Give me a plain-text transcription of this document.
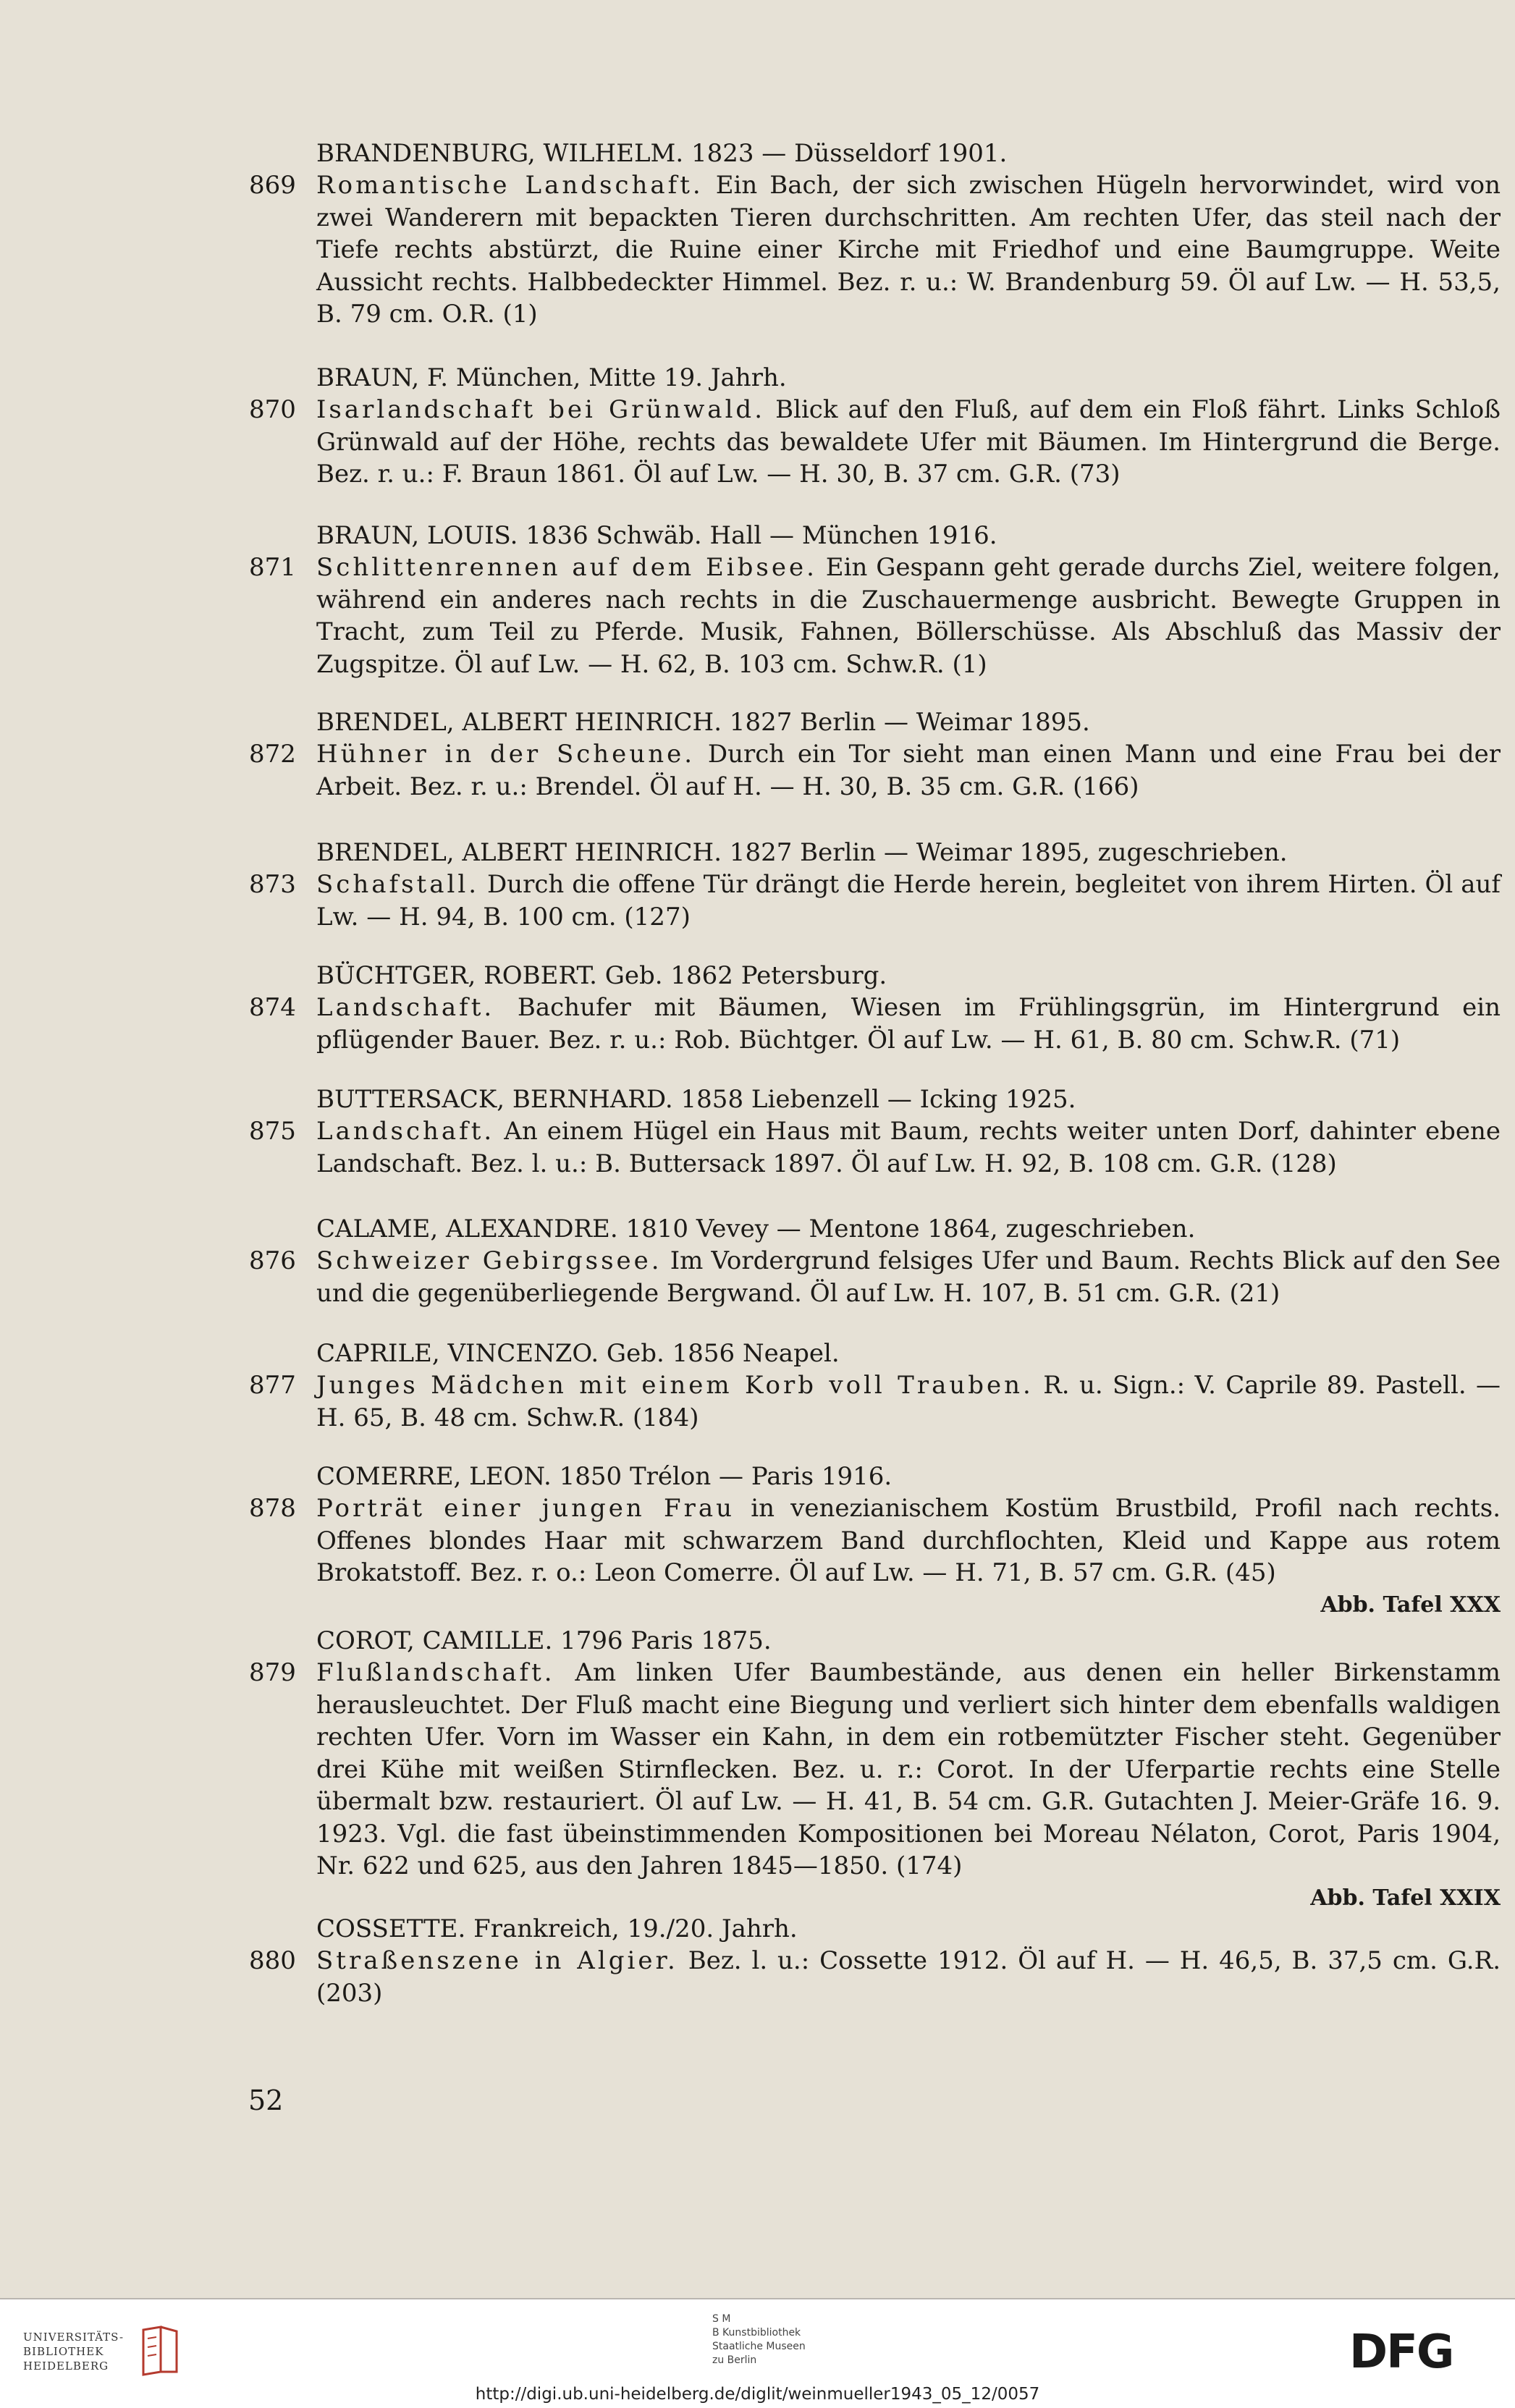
BRANDENBURG, WILHELM. 1823 — Düsseldorf 1901.
869 Romantische Landschaft. Ein Bach, der sich zwischen Hügeln hervorwindet, wird von zwei Wanderern mit bepackten Tieren durchschritten. Am rechten Ufer, das steil nach der Tiefe rechts abstürzt, die Ruine einer Kirche mit Friedhof und eine Baumgruppe. Weite Aussicht rechts. Halbbedeckter Himmel. Bez. r. u.: W. Brandenburg 59. Öl auf Lw. — H. 53,5, B. 79 cm. O.R. (1)
BRAUN, F. München, Mitte 19. Jahrh.
870 Isarlandschaft bei Grünwald. Blick auf den Fluß, auf dem ein Floß fährt. Links Schloß Grünwald auf der Höhe, rechts das bewaldete Ufer mit Bäumen. Im Hintergrund die Berge. Bez. r. u.: F. Braun 1861. Öl auf Lw. — H. 30, B. 37 cm. G.R. (73)
BRAUN, LOUIS. 1836 Schwäb. Hall — München 1916.
871 Schlittenrennen auf dem Eibsee. Ein Gespann geht gerade durchs Ziel, weitere folgen, während ein anderes nach rechts in die Zuschauermenge ausbricht. Bewegte Gruppen in Tracht, zum Teil zu Pferde. Musik, Fahnen, Böllerschüsse. Als Abschluß das Massiv der Zugspitze. Öl auf Lw. — H. 62, B. 103 cm. Schw.R. (1)
BRENDEL, ALBERT HEINRICH. 1827 Berlin — Weimar 1895.
872 Hühner in der Scheune. Durch ein Tor sieht man einen Mann und eine Frau bei der Arbeit. Bez. r. u.: Brendel. Öl auf H. — H. 30, B. 35 cm. G.R. (166)
BRENDEL, ALBERT HEINRICH. 1827 Berlin — Weimar 1895, zugeschrieben.
873 Schafstall. Durch die offene Tür drängt die Herde herein, begleitet von ihrem Hirten. Öl auf Lw. — H. 94, B. 100 cm. (127)
BÜCHTGER, ROBERT. Geb. 1862 Petersburg.
874 Landschaft. Bachufer mit Bäumen, Wiesen im Frühlingsgrün, im Hintergrund ein pflügender Bauer. Bez. r. u.: Rob. Büchtger. Öl auf Lw. — H. 61, B. 80 cm. Schw.R. (71)
BUTTERSACK, BERNHARD. 1858 Liebenzell — Icking 1925.
875 Landschaft. An einem Hügel ein Haus mit Baum, rechts weiter unten Dorf, dahinter ebene Landschaft. Bez. l. u.: B. Buttersack 1897. Öl auf Lw. H. 92, B. 108 cm. G.R. (128)
CALAME, ALEXANDRE. 1810 Vevey — Mentone 1864, zugeschrieben.
876 Schweizer Gebirgssee. Im Vordergrund felsiges Ufer und Baum. Rechts Blick auf den See und die gegenüberliegende Bergwand. Öl auf Lw. H. 107, B. 51 cm. G.R. (21)
CAPRILE, VINCENZO. Geb. 1856 Neapel.
877 Junges Mädchen mit einem Korb voll Trauben. R. u. Sign.: V. Caprile 89. Pastell. — H. 65, B. 48 cm. Schw.R. (184)
COMERRE, LEON. 1850 Trélon — Paris 1916.
878 Porträt einer jungen Frau in venezianischem Kostüm Brustbild, Profil nach rechts. Offenes blondes Haar mit schwarzem Band durchflochten, Kleid und Kappe aus rotem Brokatstoff. Bez. r. o.: Leon Comerre. Öl auf Lw. — H. 71, B. 57 cm. G.R. (45)
Abb. Tafel XXX
COROT, CAMILLE. 1796 Paris 1875.
879 Flußlandschaft. Am linken Ufer Baumbestände, aus denen ein heller Birkenstamm herausleuchtet. Der Fluß macht eine Biegung und verliert sich hinter dem ebenfalls waldigen rechten Ufer. Vorn im Wasser ein Kahn, in dem ein rotbemützter Fischer steht. Gegenüber drei Kühe mit weißen Stirnflecken. Bez. u. r.: Corot. In der Uferpartie rechts eine Stelle übermalt bzw. restauriert. Öl auf Lw. — H. 41, B. 54 cm. G.R. Gutachten J. Meier-Gräfe 16. 9. 1923. Vgl. die fast übeinstimmenden Kompositionen bei Moreau Nélaton, Corot, Paris 1904, Nr. 622 und 625, aus den Jahren 1845—1850. (174)
Abb. Tafel XXIX
COSSETTE. Frankreich, 19./20. Jahrh.
880 Straßenszene in Algier. Bez. l. u.: Cossette 1912. Öl auf H. — H. 46,5, B. 37,5 cm. G.R. (203)
52
UNIVERSITÄTS-
BIBLIOTHEK
HEIDELBERG
S M
B Kunstbibliothek
Staatliche Museen
zu Berlin	DFG
http://digi.ub.uni-heidelberg.de/diglit/weinmueller1943_05_12/0057
